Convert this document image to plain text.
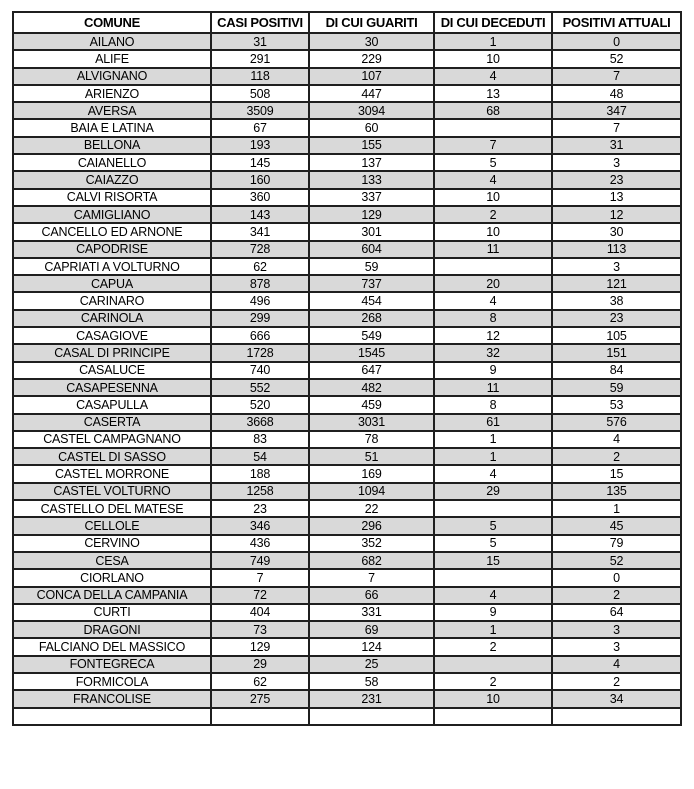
COMUNE	CASI POSITIVI	DI CUI GUARITI	DI CUI DECEDUTI	POSITIVI ATTUALI
AILANO	31	30	1	0
ALIFE	291	229	10	52
ALVIGNANO	118	107	4	7
ARIENZO	508	447	13	48
AVERSA	3509	3094	68	347
BAIA E LATINA	67	60		7
BELLONA	193	155	7	31
CAIANELLO	145	137	5	3
CAIAZZO	160	133	4	23
CALVI RISORTA	360	337	10	13
CAMIGLIANO	143	129	2	12
CANCELLO ED ARNONE	341	301	10	30
CAPODRISE	728	604	11	113
CAPRIATI A VOLTURNO	62	59		3
CAPUA	878	737	20	121
CARINARO	496	454	4	38
CARINOLA	299	268	8	23
CASAGIOVE	666	549	12	105
CASAL DI PRINCIPE	1728	1545	32	151
CASALUCE	740	647	9	84
CASAPESENNA	552	482	11	59
CASAPULLA	520	459	8	53
CASERTA	3668	3031	61	576
CASTEL CAMPAGNANO	83	78	1	4
CASTEL DI SASSO	54	51	1	2
CASTEL MORRONE	188	169	4	15
CASTEL VOLTURNO	1258	1094	29	135
CASTELLO DEL MATESE	23	22		1
CELLOLE	346	296	5	45
CERVINO	436	352	5	79
CESA	749	682	15	52
CIORLANO	7	7		0
CONCA DELLA CAMPANIA	72	66	4	2
CURTI	404	331	9	64
DRAGONI	73	69	1	3
FALCIANO DEL MASSICO	129	124	2	3
FONTEGRECA	29	25		4
FORMICOLA	62	58	2	2
FRANCOLISE	275	231	10	34
